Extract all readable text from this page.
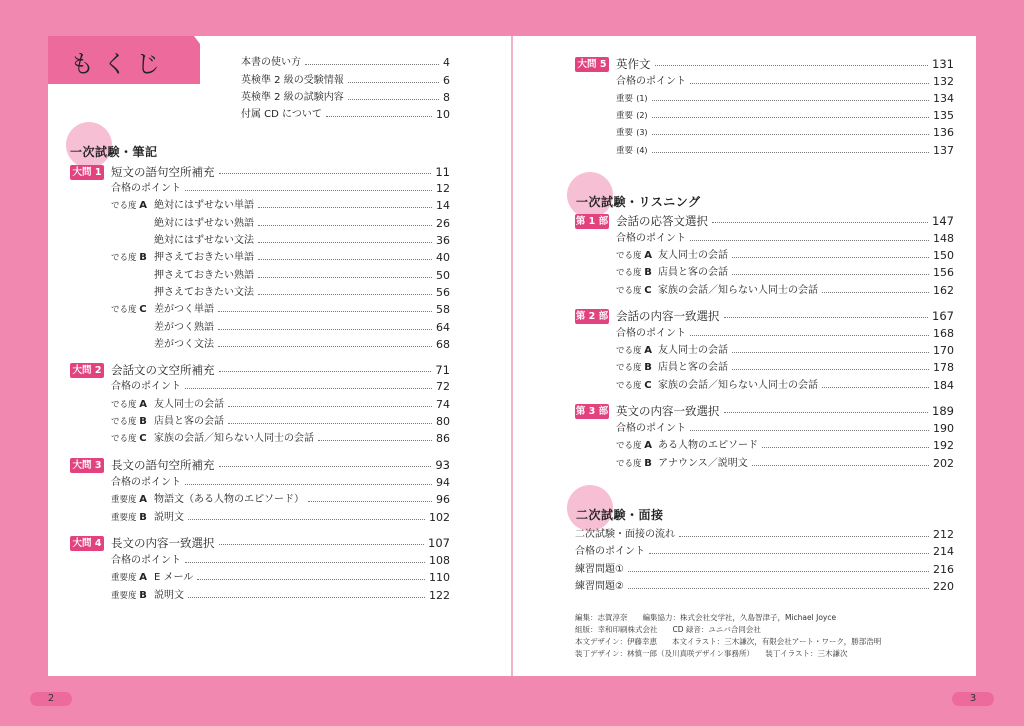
もくじ	本書の使い方	4
英検準 2 級の受験情報	6
英検準 2 級の試験内容	8
付属 CD について	10
一次試験・筆記
大問 1 短文の語句空所補充	11
合格のポイント	12
でる度 A 絶対にはずせない単語	14
絶対にはずせない熟語	26
絶対にはずせない文法	36
でる度 B 押さえておきたい単語	40
押さえておきたい熟語	50
押さえておきたい文法	56
でる度 C 差がつく単語	58
差がつく熟語	64
差がつく文法	68
大問 2 会話文の文空所補充	71
合格のポイント	72
でる度 A 友人同士の会話	74
でる度 B 店員と客の会話	80
でる度 C 家族の会話／知らない人同士の会話	86
大問 3 長文の語句空所補充	93
合格のポイント	94
重要度 A 物語文（ある人物のエピソード）	96
重要度 B 説明文	102
大問 4 長文の内容一致選択	107
合格のポイント	108
重要度 A E メール	110
重要度 B 説明文	122
大問 5 英作文	131
合格のポイント	132
重要 (1)	134
重要 (2)	135
重要 (3)	136
重要 (4)	137
一次試験・リスニング
第 1 部 会話の応答文選択	147
合格のポイント	148
でる度 A 友人同士の会話	150
でる度 B 店員と客の会話	156
でる度 C 家族の会話／知らない人同士の会話	162
第 2 部 会話の内容一致選択	167
合格のポイント	168
でる度 A 友人同士の会話	170
でる度 B 店員と客の会話	178
でる度 C 家族の会話／知らない人同士の会話	184
第 3 部 英文の内容一致選択	189
合格のポイント	190
でる度 A ある人物のエピソード	192
でる度 B アナウンス／説明文	202
二次試験・面接
二次試験・面接の流れ	212
合格のポイント	214
練習問題①	216
練習問題②	220
編集：志賀淳奈　　編集協力：株式会社交学社，久島智津子，Michael Joyce
組版：幸和印刷株式会社　　CD 録音：ユニバ合同会社
本文デザイン：伊藤幸恵　　本文イラスト：三木謙次，有限会社アート・ワーク，勝部浩明
装丁デザイン：林慎一郎（及川真咲デザイン事務所）　　装丁イラスト：三木謙次
2	3
